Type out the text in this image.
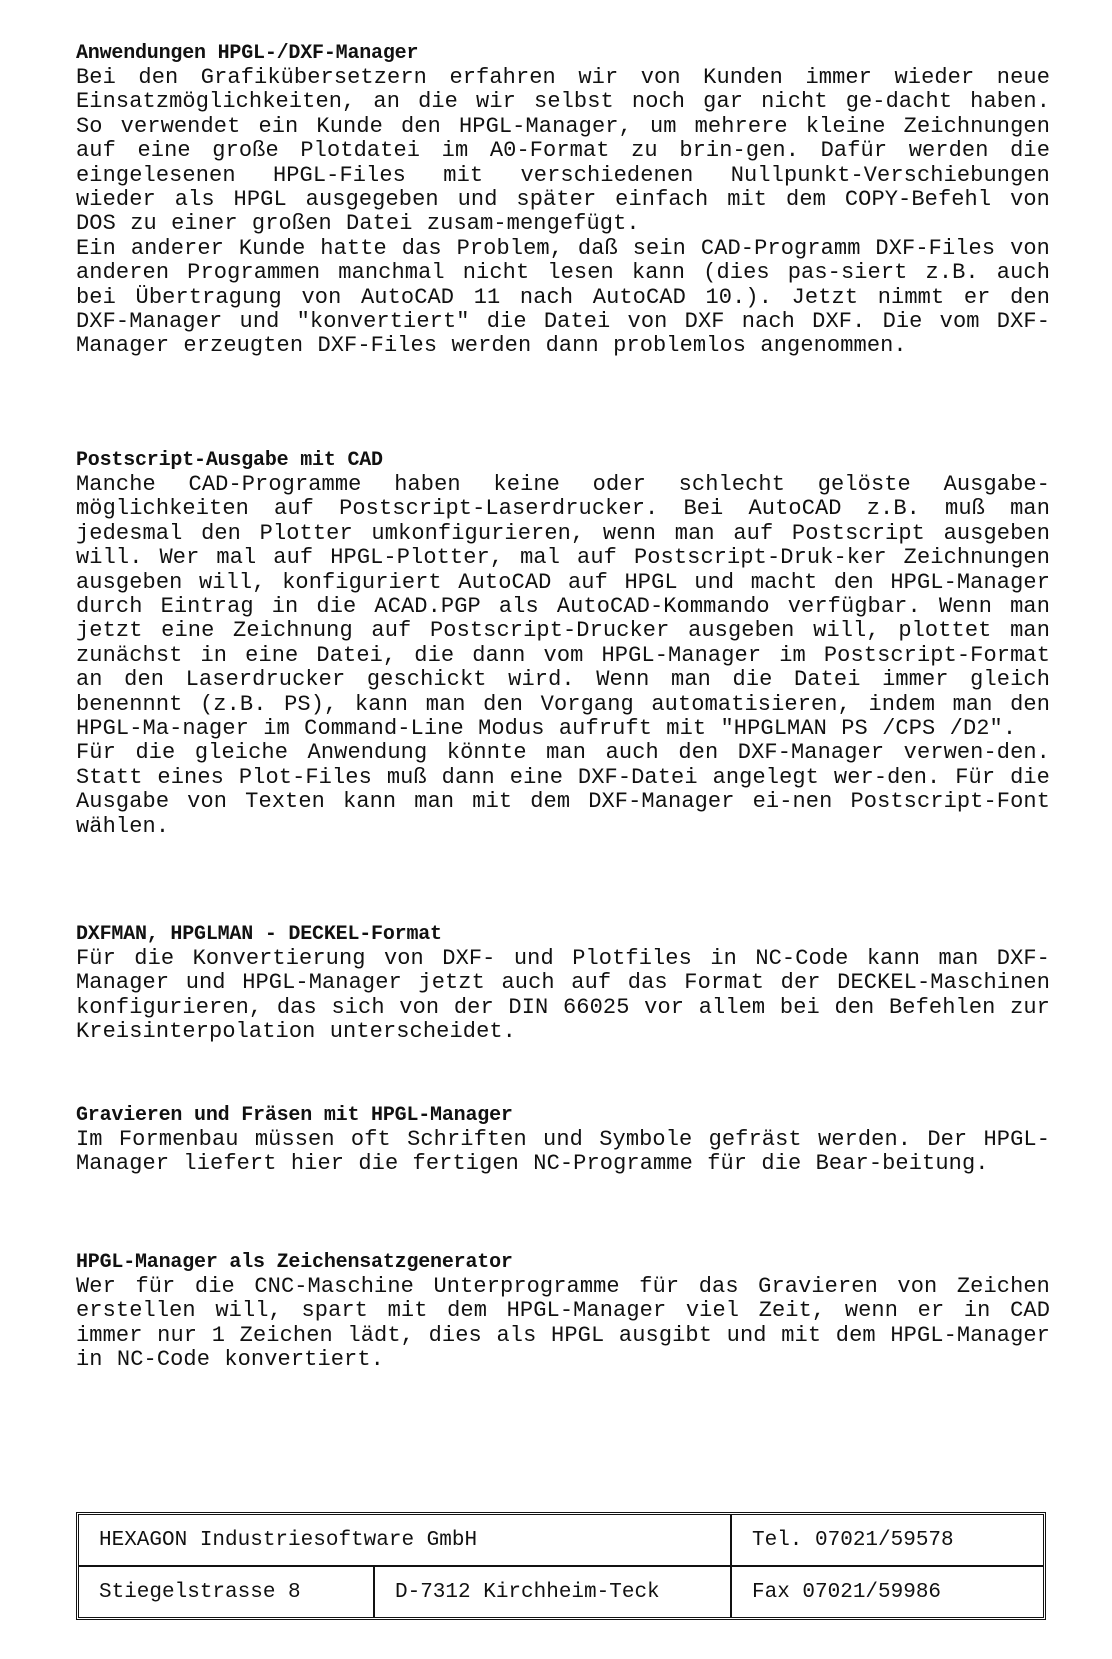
Anwendungen HPGL-/DXF-Manager

Bei den Grafikübersetzern erfahren wir von Kunden immer wieder neue Einsatzmöglichkeiten, an die wir selbst noch gar nicht ge-dacht haben. So verwendet ein Kunde den HPGL-Manager, um mehrere kleine Zeichnungen auf eine große Plotdatei im A0-Format zu brin-gen. Dafür werden die eingelesenen HPGL-Files mit verschiedenen Nullpunkt-Verschiebungen wieder als HPGL ausgegeben und später einfach mit dem COPY-Befehl von DOS zu einer großen Datei zusam-mengefügt.

Ein anderer Kunde hatte das Problem, daß sein CAD-Programm DXF-Files von anderen Programmen manchmal nicht lesen kann (dies pas-siert z.B. auch bei Übertragung von AutoCAD 11 nach AutoCAD 10.). Jetzt nimmt er den DXF-Manager und "konvertiert" die Datei von DXF nach DXF. Die vom DXF-Manager erzeugten DXF-Files werden dann problemlos angenommen.

Postscript-Ausgabe mit CAD

Manche CAD-Programme haben keine oder schlecht gelöste Ausgabe-möglichkeiten auf Postscript-Laserdrucker. Bei AutoCAD z.B. muß man jedesmal den Plotter umkonfigurieren, wenn man auf Postscript ausgeben will. Wer mal auf HPGL-Plotter, mal auf Postscript-Druk-ker Zeichnungen ausgeben will, konfiguriert AutoCAD auf HPGL und macht den HPGL-Manager durch Eintrag in die ACAD.PGP als AutoCAD-Kommando verfügbar. Wenn man jetzt eine Zeichnung auf Postscript-Drucker ausgeben will, plottet man zunächst in eine Datei, die dann vom HPGL-Manager im Postscript-Format an den Laserdrucker geschickt wird. Wenn man die Datei immer gleich benennnt (z.B. PS), kann man den Vorgang automatisieren, indem man den HPGL-Ma-nager im Command-Line Modus aufruft mit "HPGLMAN PS /CPS /D2".

Für die gleiche Anwendung könnte man auch den DXF-Manager verwen-den. Statt eines Plot-Files muß dann eine DXF-Datei angelegt wer-den. Für die Ausgabe von Texten kann man mit dem DXF-Manager ei-nen Postscript-Font wählen.

DXFMAN, HPGLMAN - DECKEL-Format

Für die Konvertierung von DXF- und Plotfiles in NC-Code kann man DXF-Manager und HPGL-Manager jetzt auch auf das Format der DECKEL-Maschinen konfigurieren, das sich von der DIN 66025 vor allem bei den Befehlen zur Kreisinterpolation unterscheidet.

Gravieren und Fräsen mit HPGL-Manager

Im Formenbau müssen oft Schriften und Symbole gefräst werden. Der HPGL-Manager liefert hier die fertigen NC-Programme für die Bear-beitung.

HPGL-Manager als Zeichensatzgenerator

Wer für die CNC-Maschine Unterprogramme für das Gravieren von Zeichen erstellen will, spart mit dem HPGL-Manager viel Zeit, wenn er in CAD immer nur 1 Zeichen lädt, dies als HPGL ausgibt und mit dem HPGL-Manager in NC-Code konvertiert.

HEXAGON Industriesoftware GmbH		Tel. 07021/59578
Stiegelstrasse 8	D-7312 Kirchheim-Teck	Fax 07021/59986
